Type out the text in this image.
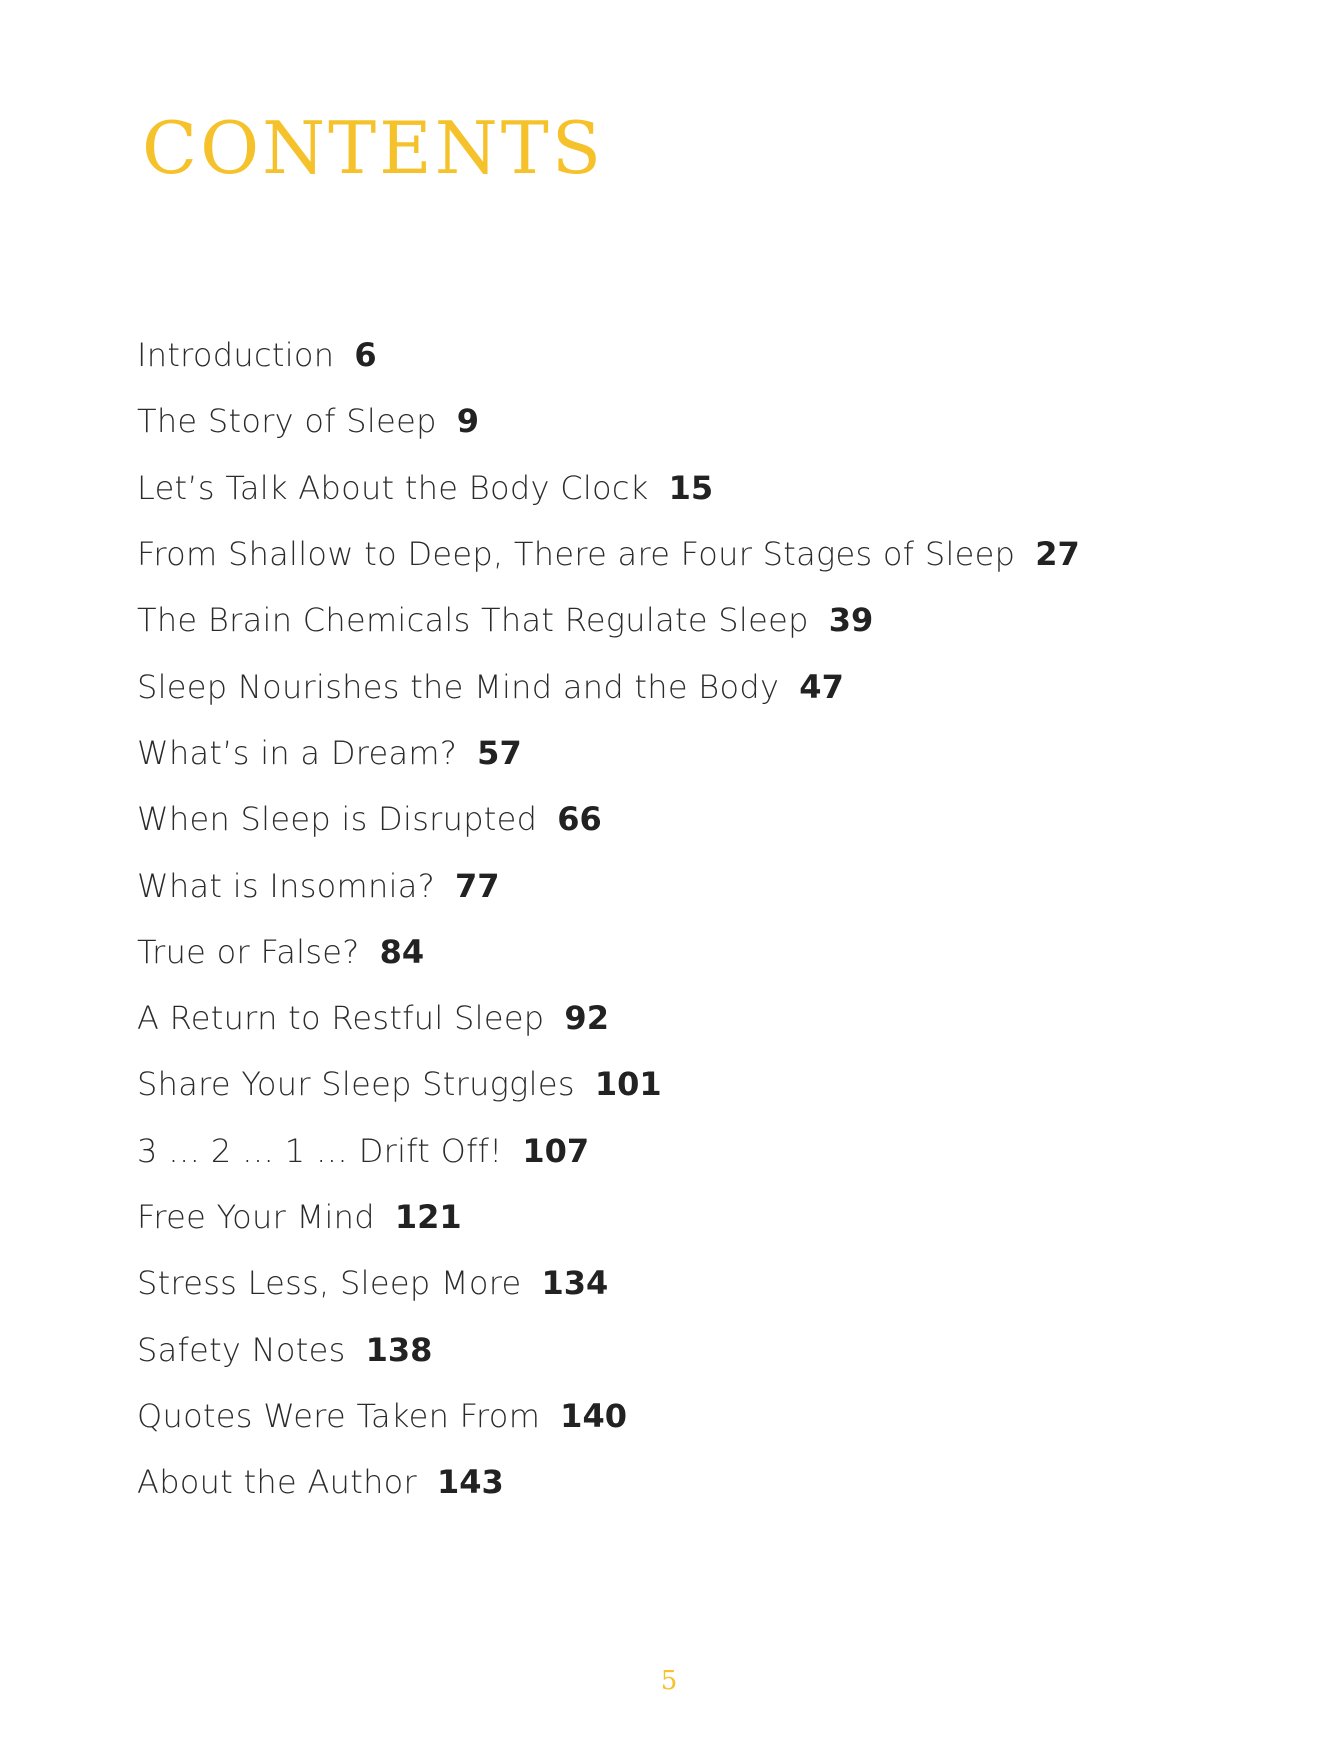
CONTENTS
Introduction 6
The Story of Sleep 9
Let’s Talk About the Body Clock 15
From Shallow to Deep, There are Four Stages of Sleep 27
The Brain Chemicals That Regulate Sleep 39
Sleep Nourishes the Mind and the Body 47
What’s in a Dream? 57
When Sleep is Disrupted 66
What is Insomnia? 77
True or False? 84
A Return to Restful Sleep 92
Share Your Sleep Struggles 101
3 … 2 … 1 … Drift Off! 107
Free Your Mind 121
Stress Less, Sleep More 134
Safety Notes 138
Quotes Were Taken From 140
About the Author 143
5
